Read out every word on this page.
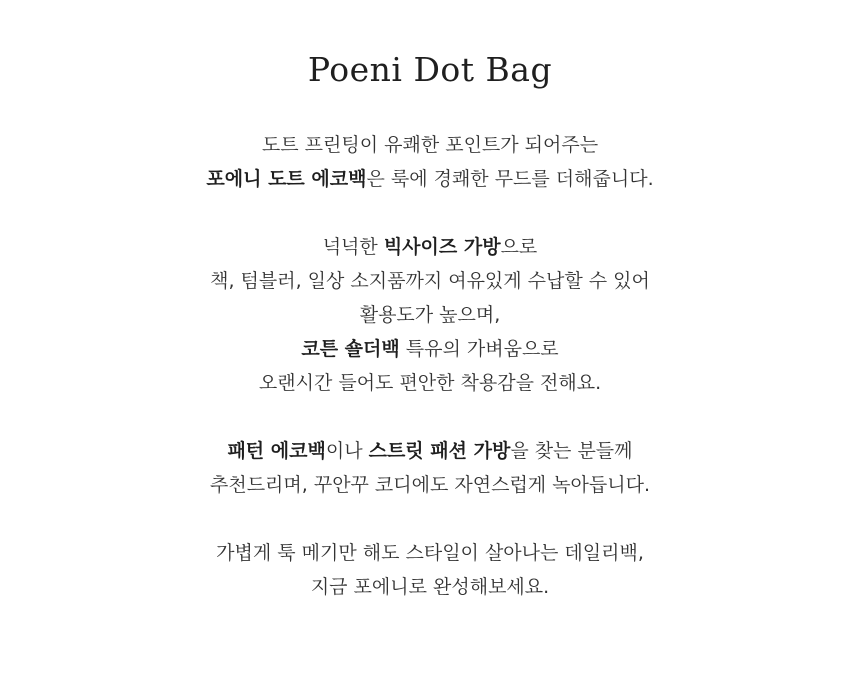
Poeni Dot Bag
도트 프린팅이 유쾌한 포인트가 되어주는
포에니 도트 에코백은 룩에 경쾌한 무드를 더해줍니다.
넉넉한 빅사이즈 가방으로
책, 텀블러, 일상 소지품까지 여유있게 수납할 수 있어
활용도가 높으며,
코튼 숄더백 특유의 가벼움으로
오랜시간 들어도 편안한 착용감을 전해요.
패턴 에코백이나 스트릿 패션 가방을 찾는 분들께
추천드리며, 꾸안꾸 코디에도 자연스럽게 녹아듭니다.
가볍게 툭 메기만 해도 스타일이 살아나는 데일리백,
지금 포에니로 완성해보세요.
